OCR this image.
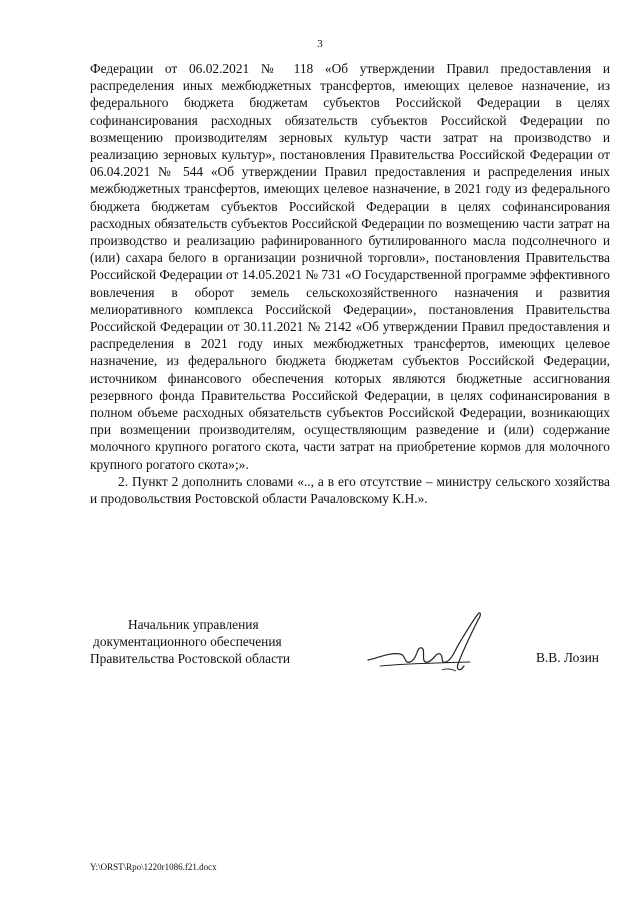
3

Федерации от 06.02.2021 № 118 «Об утверждении Правил предоставления и распределения иных межбюджетных трансфертов, имеющих целевое назначение, из федерального бюджета бюджетам субъектов Российской Федерации в целях софинансирования расходных обязательств субъектов Российской Федерации по возмещению производителям зерновых культур части затрат на производство и реализацию зерновых культур», постановления Правительства Российской Федерации от 06.04.2021 № 544 «Об утверждении Правил предоставления и распределения иных межбюджетных трансфертов, имеющих целевое назначение, в 2021 году из федерального бюджета бюджетам субъектов Российской Федерации в целях софинансирования расходных обязательств субъектов Российской Федерации по возмещению части затрат на производство и реализацию рафинированного бутилированного масла подсолнечного и (или) сахара белого в организации розничной торговли», постановления Правительства Российской Федерации от 14.05.2021 № 731 «О Государственной программе эффективного вовлечения в оборот земель сельскохозяйственного назначения и развития мелиоративного комплекса Российской Федерации», постановления Правительства Российской Федерации от 30.11.2021 № 2142 «Об утверждении Правил предоставления и распределения в 2021 году иных межбюджетных трансфертов, имеющих целевое назначение, из федерального бюджета бюджетам субъектов Российской Федерации, источником финансового обеспечения которых являются бюджетные ассигнования резервного фонда Правительства Российской Федерации, в целях софинансирования в полном объеме расходных обязательств субъектов Российской Федерации, возникающих при возмещении производителям, осуществляющим разведение и (или) содержание молочного крупного рогатого скота, части затрат на приобретение кормов для молочного крупного рогатого скота»;».

2. Пункт 2 дополнить словами «.., а в его отсутствие – министру сельского хозяйства и продовольствия Ростовской области Рачаловскому К.Н.».

Начальник управления
документационного обеспечения
Правительства Ростовской области	В.В. Лозин
Y:\ORST\Rpo\1220r1086.f21.docx
